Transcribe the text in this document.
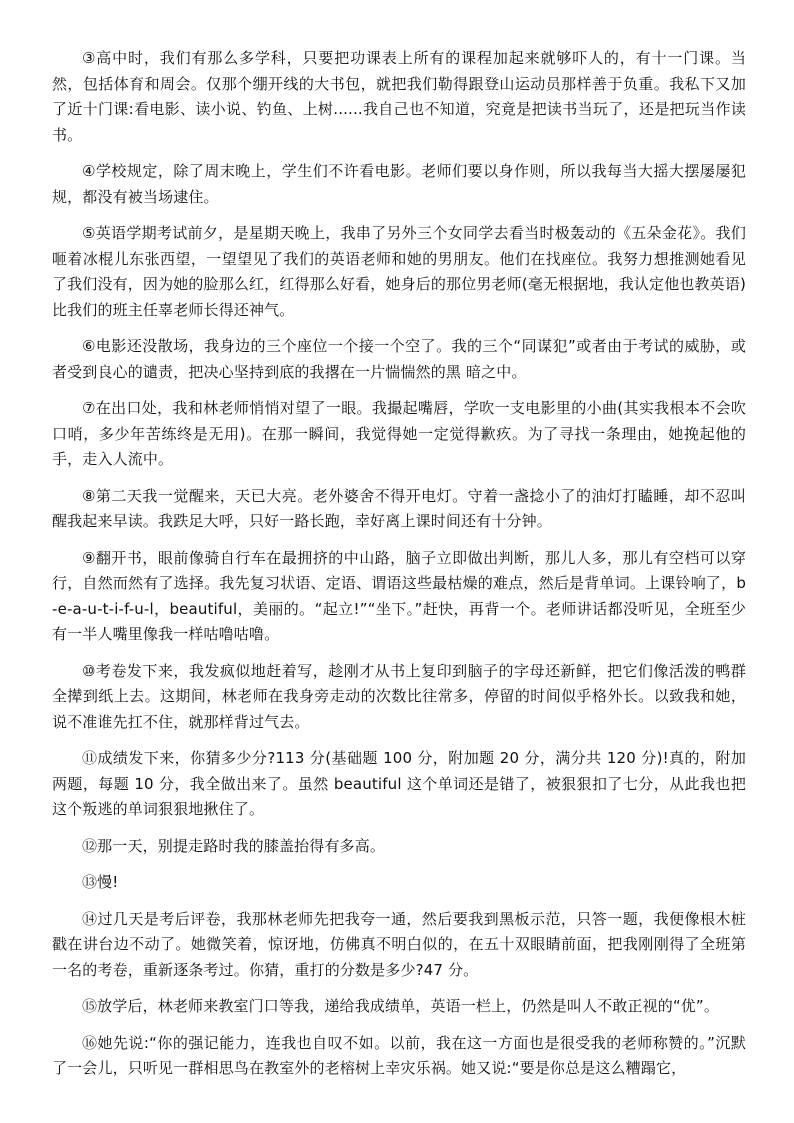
③高中时，我们有那么多学科，只要把功课表上所有的课程加起来就够吓人的，有十一门课。当然，包括体育和周会。仅那个绷开线的大书包，就把我们勒得跟登山运动员那样善于负重。我私下又加了近十门课:看电影、读小说、钓鱼、上树......我自己也不知道，究竟是把读书当玩了，还是把玩当作读书。

④学校规定，除了周末晚上，学生们不许看电影。老师们要以身作则，所以我每当大摇大摆屡屡犯规，都没有被当场逮住。

⑤英语学期考试前夕，是星期天晚上，我串了另外三个女同学去看当时极轰动的《五朵金花》。我们咂着冰棍儿东张西望，一望望见了我们的英语老师和她的男朋友。他们在找座位。我努力想推测她看见了我们没有，因为她的脸那么红，红得那么好看，她身后的那位男老师(毫无根据地，我认定他也教英语)比我们的班主任辜老师长得还神气。

⑥电影还没散场，我身边的三个座位一个接一个空了。我的三个“同谋犯”或者由于考试的威胁，或者受到良心的谴责，把决心坚持到底的我撂在一片惴惴然的黑 暗之中。

⑦在出口处，我和林老师悄悄对望了一眼。我撮起嘴唇，学吹一支电影里的小曲(其实我根本不会吹口哨，多少年苦练终是无用)。在那一瞬间，我觉得她一定觉得歉疚。为了寻找一条理由，她挽起他的手，走入人流中。

⑧第二天我一觉醒来，天已大亮。老外婆舍不得开电灯。守着一盏捻小了的油灯打瞌睡，却不忍叫醒我起来早读。我跌足大呼，只好一路长跑，幸好离上课时间还有十分钟。

⑨翻开书，眼前像骑自行车在最拥挤的中山路，脑子立即做出判断，那儿人多，那儿有空档可以穿行，自然而然有了选择。我先复习状语、定语、谓语这些最枯燥的难点，然后是背单词。上课铃响了，b-e-a-u-t-i-f-u-l，beautiful，美丽的。“起立!”“坐下。”赶快，再背一个。老师讲话都没听见，全班至少有一半人嘴里像我一样咕噜咕噜。

⑩考卷发下来，我发疯似地赶着写，趁刚才从书上复印到脑子的字母还新鲜，把它们像活泼的鸭群全撵到纸上去。这期间，林老师在我身旁走动的次数比往常多，停留的时间似乎格外长。以致我和她，说不准谁先扛不住，就那样背过气去。

⑪成绩发下来，你猜多少分?113 分(基础题 100 分，附加题 20 分，满分共 120 分)!真的，附加两题，每题 10 分，我全做出来了。虽然 beautiful 这个单词还是错了，被狠狠扣了七分，从此我也把这个叛逃的单词狠狠地揪住了。

⑫那一天，别提走路时我的膝盖抬得有多高。

⑬慢!

⑭过几天是考后评卷，我那林老师先把我夸一通，然后要我到黑板示范，只答一题，我便像根木桩戳在讲台边不动了。她微笑着，惊讶地，仿佛真不明白似的，在五十双眼睛前面，把我刚刚得了全班第一名的考卷，重新逐条考过。你猜，重打的分数是多少?47 分。

⑮放学后，林老师来教室门口等我，递给我成绩单，英语一栏上，仍然是叫人不敢正视的“优”。

⑯她先说:“你的强记能力，连我也自叹不如。以前，我在这一方面也是很受我的老师称赞的。”沉默了一会儿，只听见一群相思鸟在教室外的老榕树上幸灾乐祸。她又说:“要是你总是这么糟蹋它，
